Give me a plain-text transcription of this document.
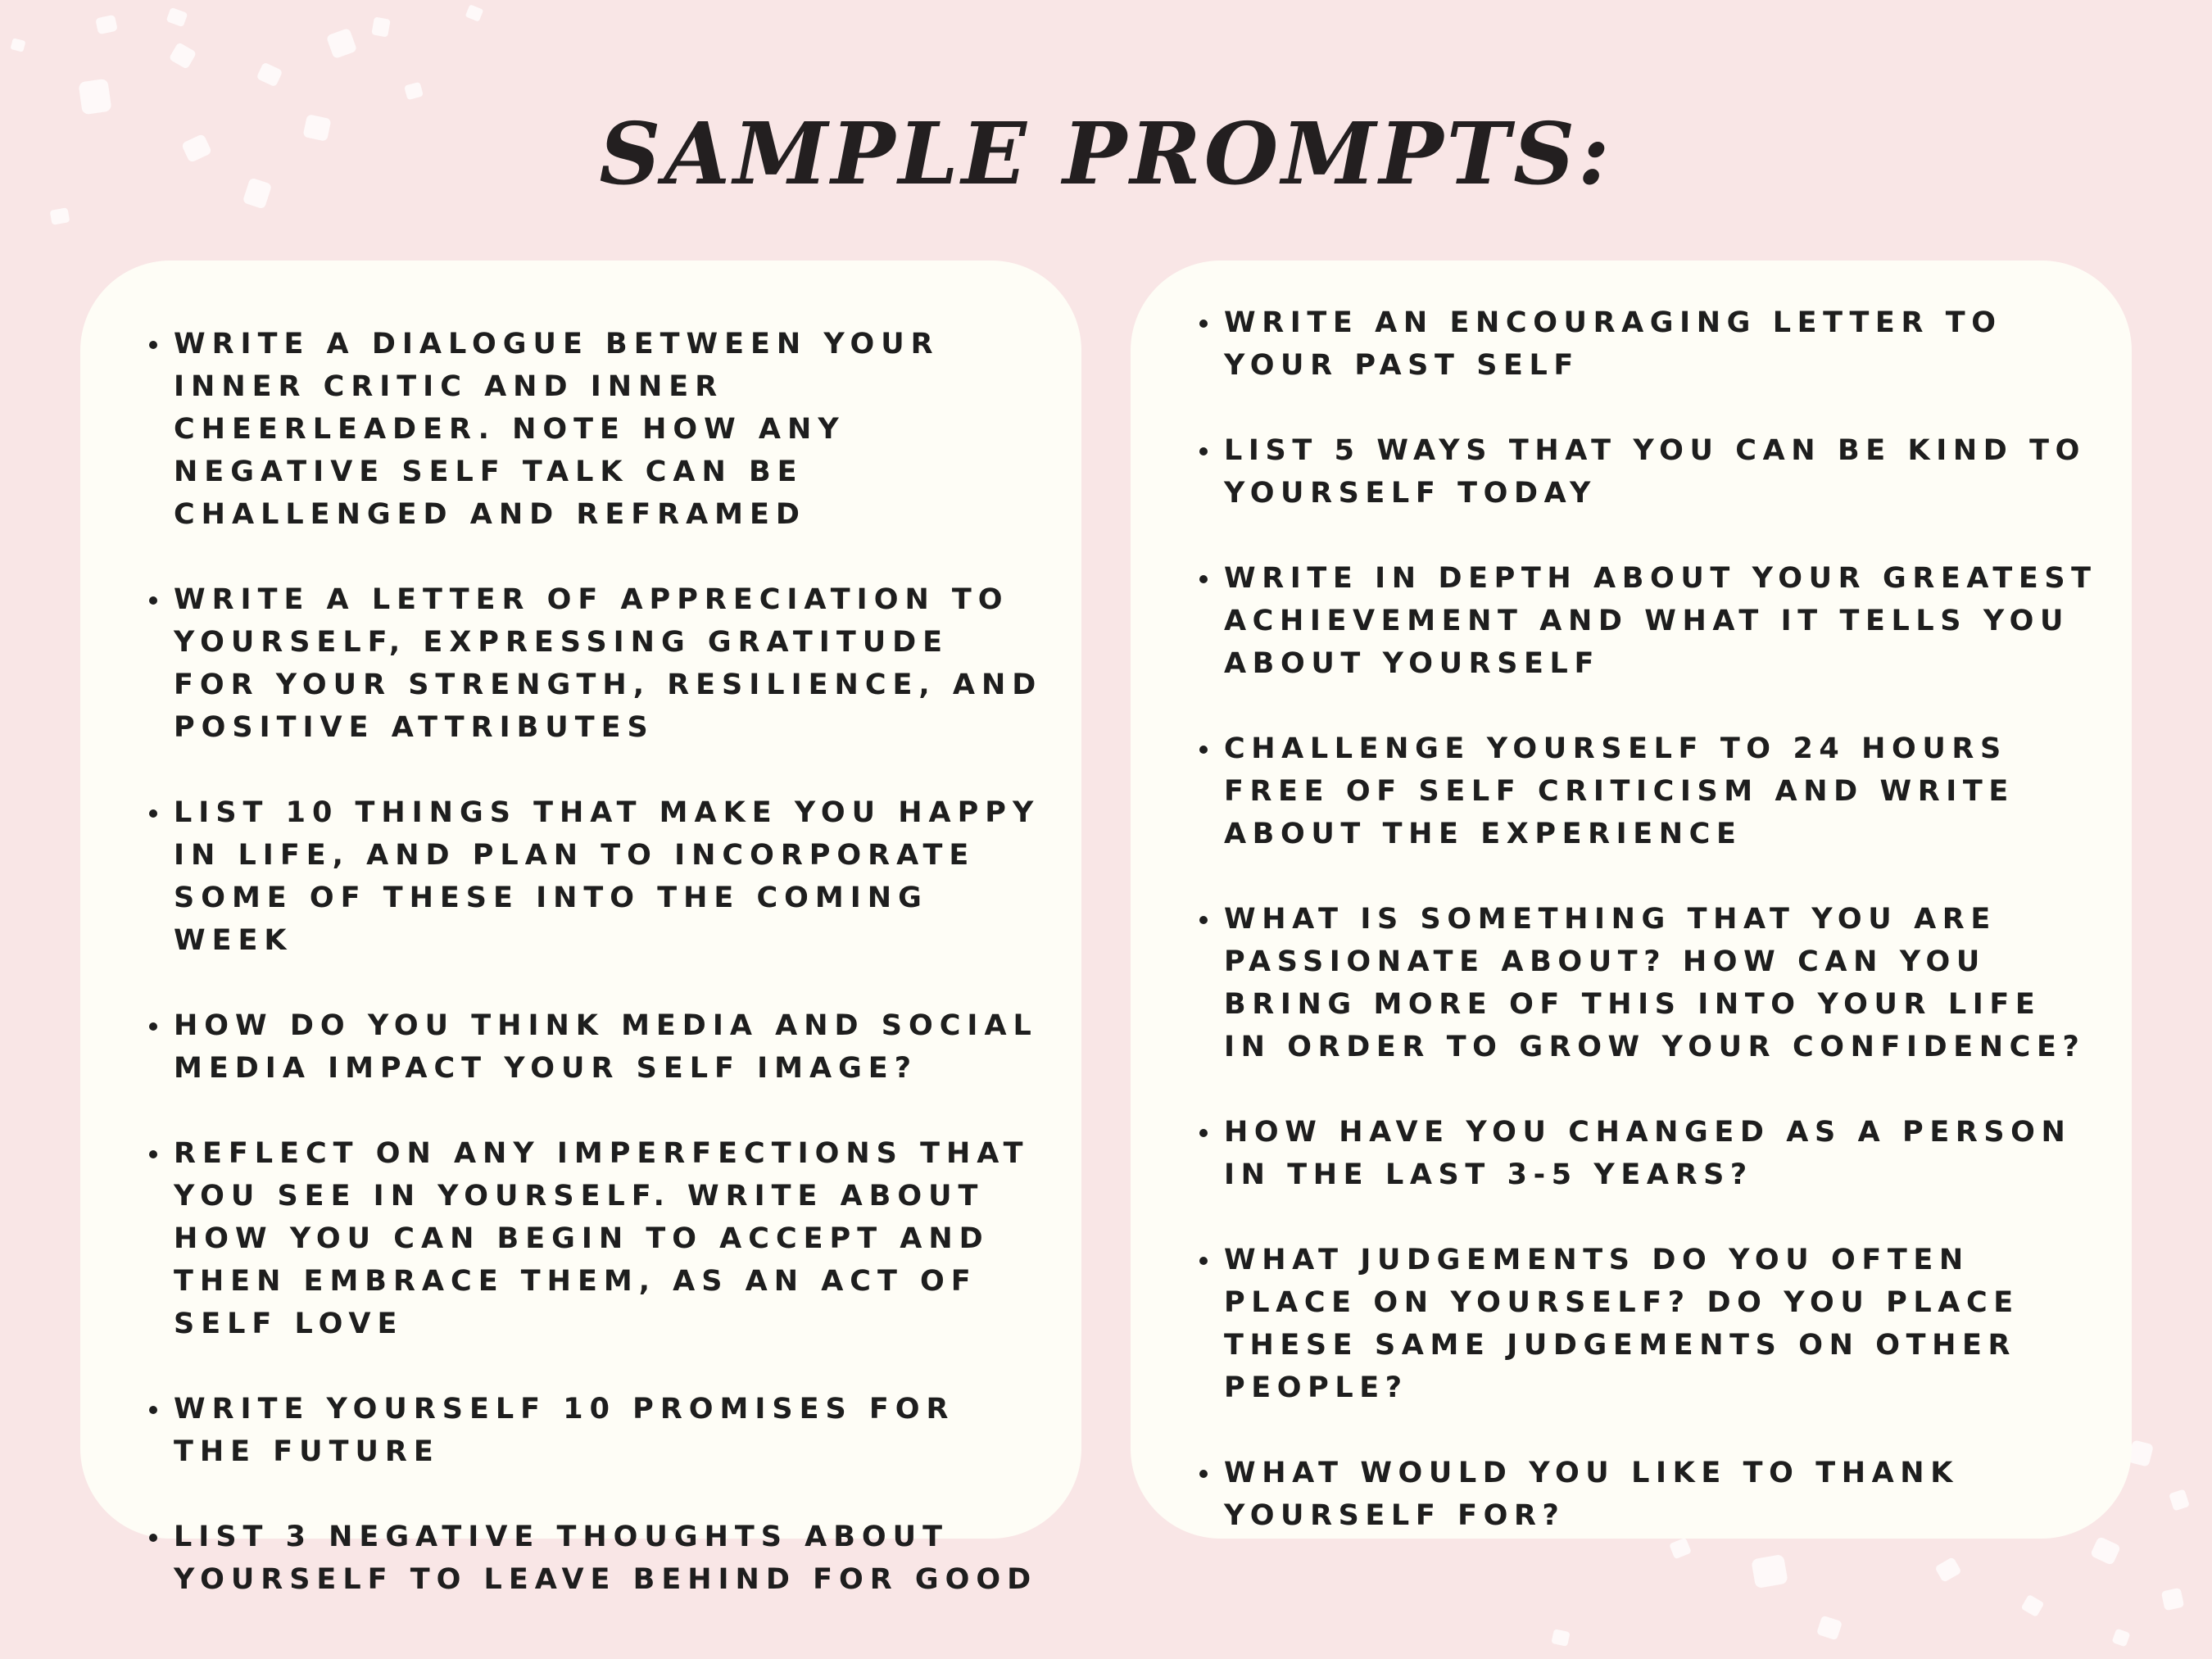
SAMPLE PROMPTS:
WRITE A DIALOGUE BETWEEN YOUR INNER CRITIC AND INNER CHEERLEADER. NOTE HOW ANY NEGATIVE SELF TALK CAN BE CHALLENGED AND REFRAMED
WRITE A LETTER OF APPRECIATION TO YOURSELF, EXPRESSING GRATITUDE FOR YOUR STRENGTH, RESILIENCE, AND POSITIVE ATTRIBUTES
LIST 10 THINGS THAT MAKE YOU HAPPY IN LIFE, AND PLAN TO INCORPORATE SOME OF THESE INTO THE COMING WEEK
HOW DO YOU THINK MEDIA AND SOCIAL MEDIA IMPACT YOUR SELF IMAGE?
REFLECT ON ANY IMPERFECTIONS THAT YOU SEE IN YOURSELF. WRITE ABOUT HOW YOU CAN BEGIN TO ACCEPT AND THEN EMBRACE THEM, AS AN ACT OF SELF LOVE
WRITE YOURSELF 10 PROMISES FOR THE FUTURE
LIST 3 NEGATIVE THOUGHTS ABOUT YOURSELF TO LEAVE BEHIND FOR GOOD
WRITE AN ENCOURAGING LETTER TO YOUR PAST SELF
LIST 5 WAYS THAT YOU CAN BE KIND TO YOURSELF TODAY
WRITE IN DEPTH ABOUT YOUR GREATEST ACHIEVEMENT AND WHAT IT TELLS YOU ABOUT YOURSELF
CHALLENGE YOURSELF TO 24 HOURS FREE OF SELF CRITICISM AND WRITE ABOUT THE EXPERIENCE
WHAT IS SOMETHING THAT YOU ARE PASSIONATE ABOUT? HOW CAN YOU BRING MORE OF THIS INTO YOUR LIFE IN ORDER TO GROW YOUR CONFIDENCE?
HOW HAVE YOU CHANGED AS A PERSON IN THE LAST 3-5 YEARS?
WHAT JUDGEMENTS DO YOU OFTEN PLACE ON YOURSELF? DO YOU PLACE THESE SAME JUDGEMENTS ON OTHER PEOPLE?
WHAT WOULD YOU LIKE TO THANK YOURSELF FOR?
